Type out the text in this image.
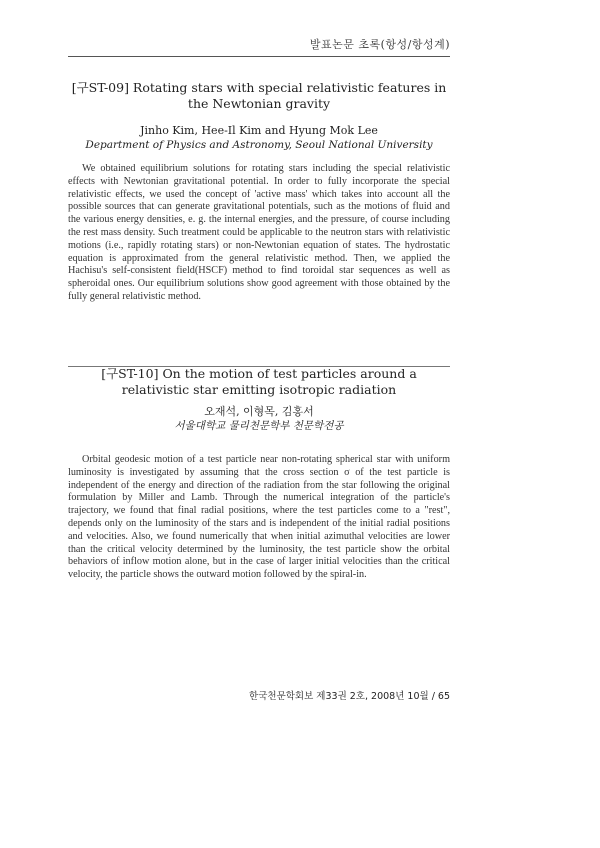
발표논문 초록(항성/항성계)
[구ST-09] Rotating stars with special relativistic features in the Newtonian gravity
Jinho Kim, Hee-Il Kim and Hyung Mok Lee
Department of Physics and Astronomy, Seoul National University

We obtained equilibrium solutions for rotating stars including the special relativistic effects with Newtonian gravitational potential. In order to fully incorporate the special relativistic effects, we used the concept of 'active mass' which takes into account all the possible sources that can generate gravitational potentials, such as the motions of fluid and the various energy densities, e. g. the internal energies, and the pressure, of course including the rest mass density. Such treatment could be applicable to the neutron stars with relativistic motions (i.e., rapidly rotating stars) or non-Newtonian equation of states. The hydrostatic equation is approximated from the general relativistic method. Then, we applied the Hachisu's self-consistent field(HSCF) method to find toroidal star sequences as well as spheroidal ones. Our equilibrium solutions show good agreement with those obtained by the fully general relativistic method.

[구ST-10] On the motion of test particles around a relativistic star emitting isotropic radiation
오재석, 이형목, 김홍서
서울대학교 물리천문학부 천문학전공

Orbital geodesic motion of a test particle near non-rotating spherical star with uniform luminosity is investigated by assuming that the cross section σ of the test particle is independent of the energy and direction of the radiation from the star following the original formulation by Miller and Lamb. Through the numerical integration of the particle's trajectory, we found that final radial positions, where the test particles come to a "rest", depends only on the luminosity of the stars and is independent of the initial radial positions and velocities. Also, we found numerically that when initial azimuthal velocities are lower than the critical velocity determined by the luminosity, the test particle show the orbital behaviors of inflow motion alone, but in the case of larger initial velocities than the critical velocity, the particle shows the outward motion followed by the spiral-in.

한국천문학회보 제33권 2호, 2008년 10월 / 65
